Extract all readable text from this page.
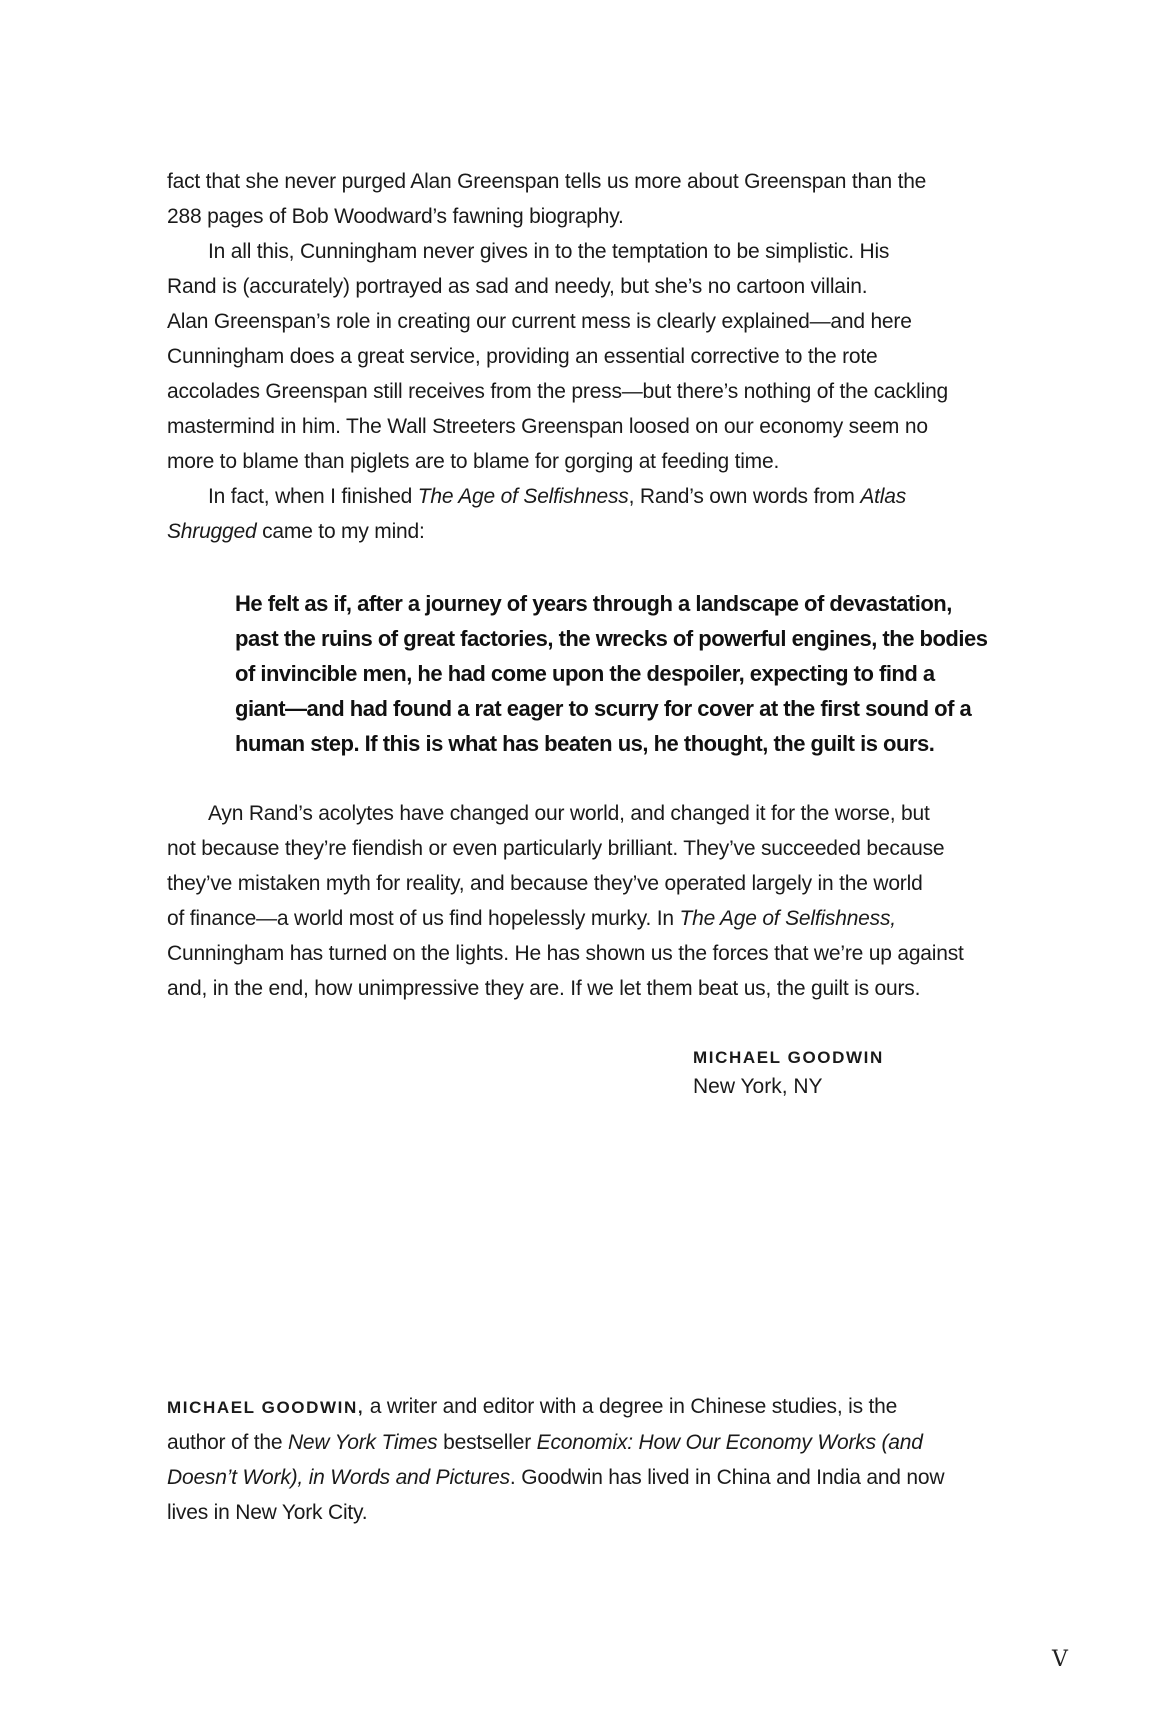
fact that she never purged Alan Greenspan tells us more about Greenspan than the
288 pages of Bob Woodward’s fawning biography.

In all this, Cunningham never gives in to the temptation to be simplistic. His
Rand is (accurately) portrayed as sad and needy, but she’s no cartoon villain.
Alan Greenspan’s role in creating our current mess is clearly explained—and here
Cunningham does a great service, providing an essential corrective to the rote
accolades Greenspan still receives from the press—but there’s nothing of the cackling
mastermind in him. The Wall Streeters Greenspan loosed on our economy seem no
more to blame than piglets are to blame for gorging at feeding time.

In fact, when I finished The Age of Selfishness, Rand’s own words from Atlas
Shrugged came to my mind:

He felt as if, after a journey of years through a landscape of devastation,
past the ruins of great factories, the wrecks of powerful engines, the bodies
of invincible men, he had come upon the despoiler, expecting to find a
giant—and had found a rat eager to scurry for cover at the first sound of a
human step. If this is what has beaten us, he thought, the guilt is ours.

Ayn Rand’s acolytes have changed our world, and changed it for the worse, but
not because they’re fiendish or even particularly brilliant. They’ve succeeded because
they’ve mistaken myth for reality, and because they’ve operated largely in the world
of finance—a world most of us find hopelessly murky. In The Age of Selfishness,
Cunningham has turned on the lights. He has shown us the forces that we’re up against
and, in the end, how unimpressive they are. If we let them beat us, the guilt is ours.

MICHAEL GOODWIN
New York, NY

MICHAEL GOODWIN, a writer and editor with a degree in Chinese studies, is the
author of the New York Times bestseller Economix: How Our Economy Works (and
Doesn’t Work), in Words and Pictures. Goodwin has lived in China and India and now
lives in New York City.

V
